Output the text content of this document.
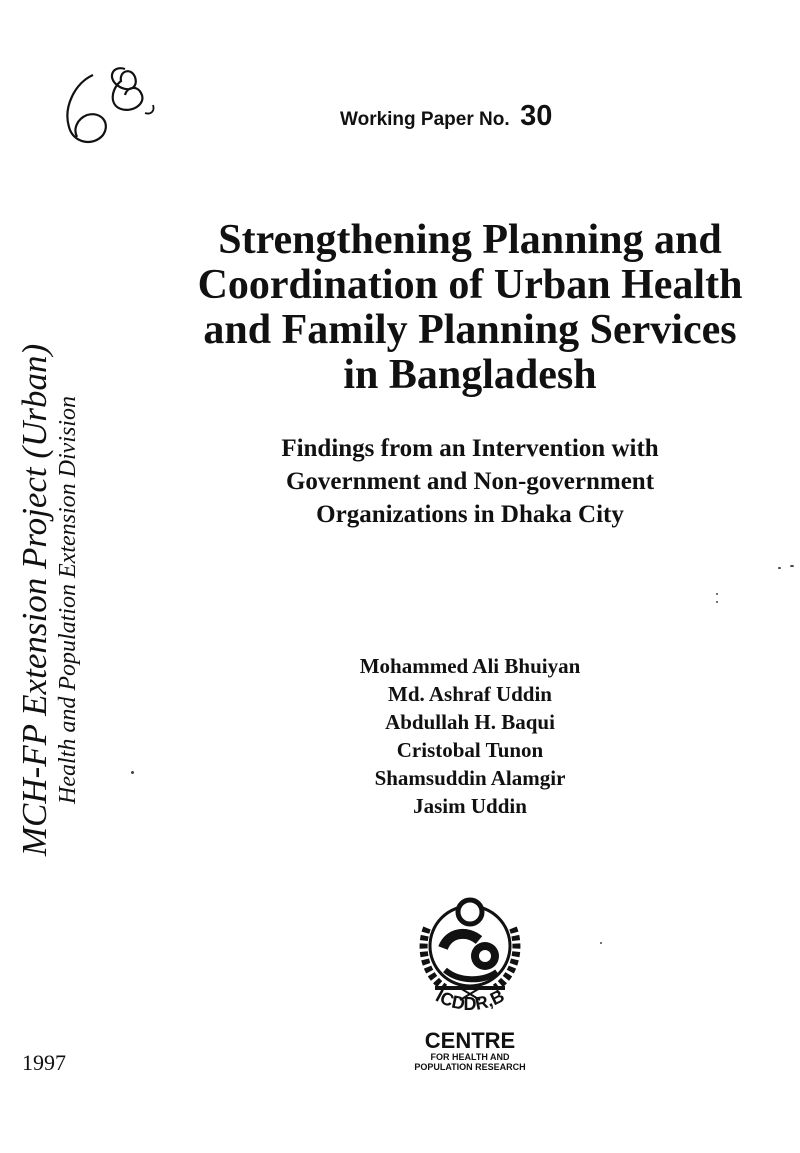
Working Paper No. 30
Strengthening Planning and
Coordination of Urban Health
and Family Planning Services
in Bangladesh
Findings from an Intervention with
Government and Non-government
Organizations in Dhaka City
Mohammed Ali Bhuiyan
Md. Ashraf Uddin
Abdullah H. Baqui
Cristobal Tunon
Shamsuddin Alamgir
Jasim Uddin
MCH-FP Extension Project (Urban) Health and Population Extension Division
1997
ICDDR,B
CENTRE
FOR HEALTH AND
POPULATION RESEARCH
